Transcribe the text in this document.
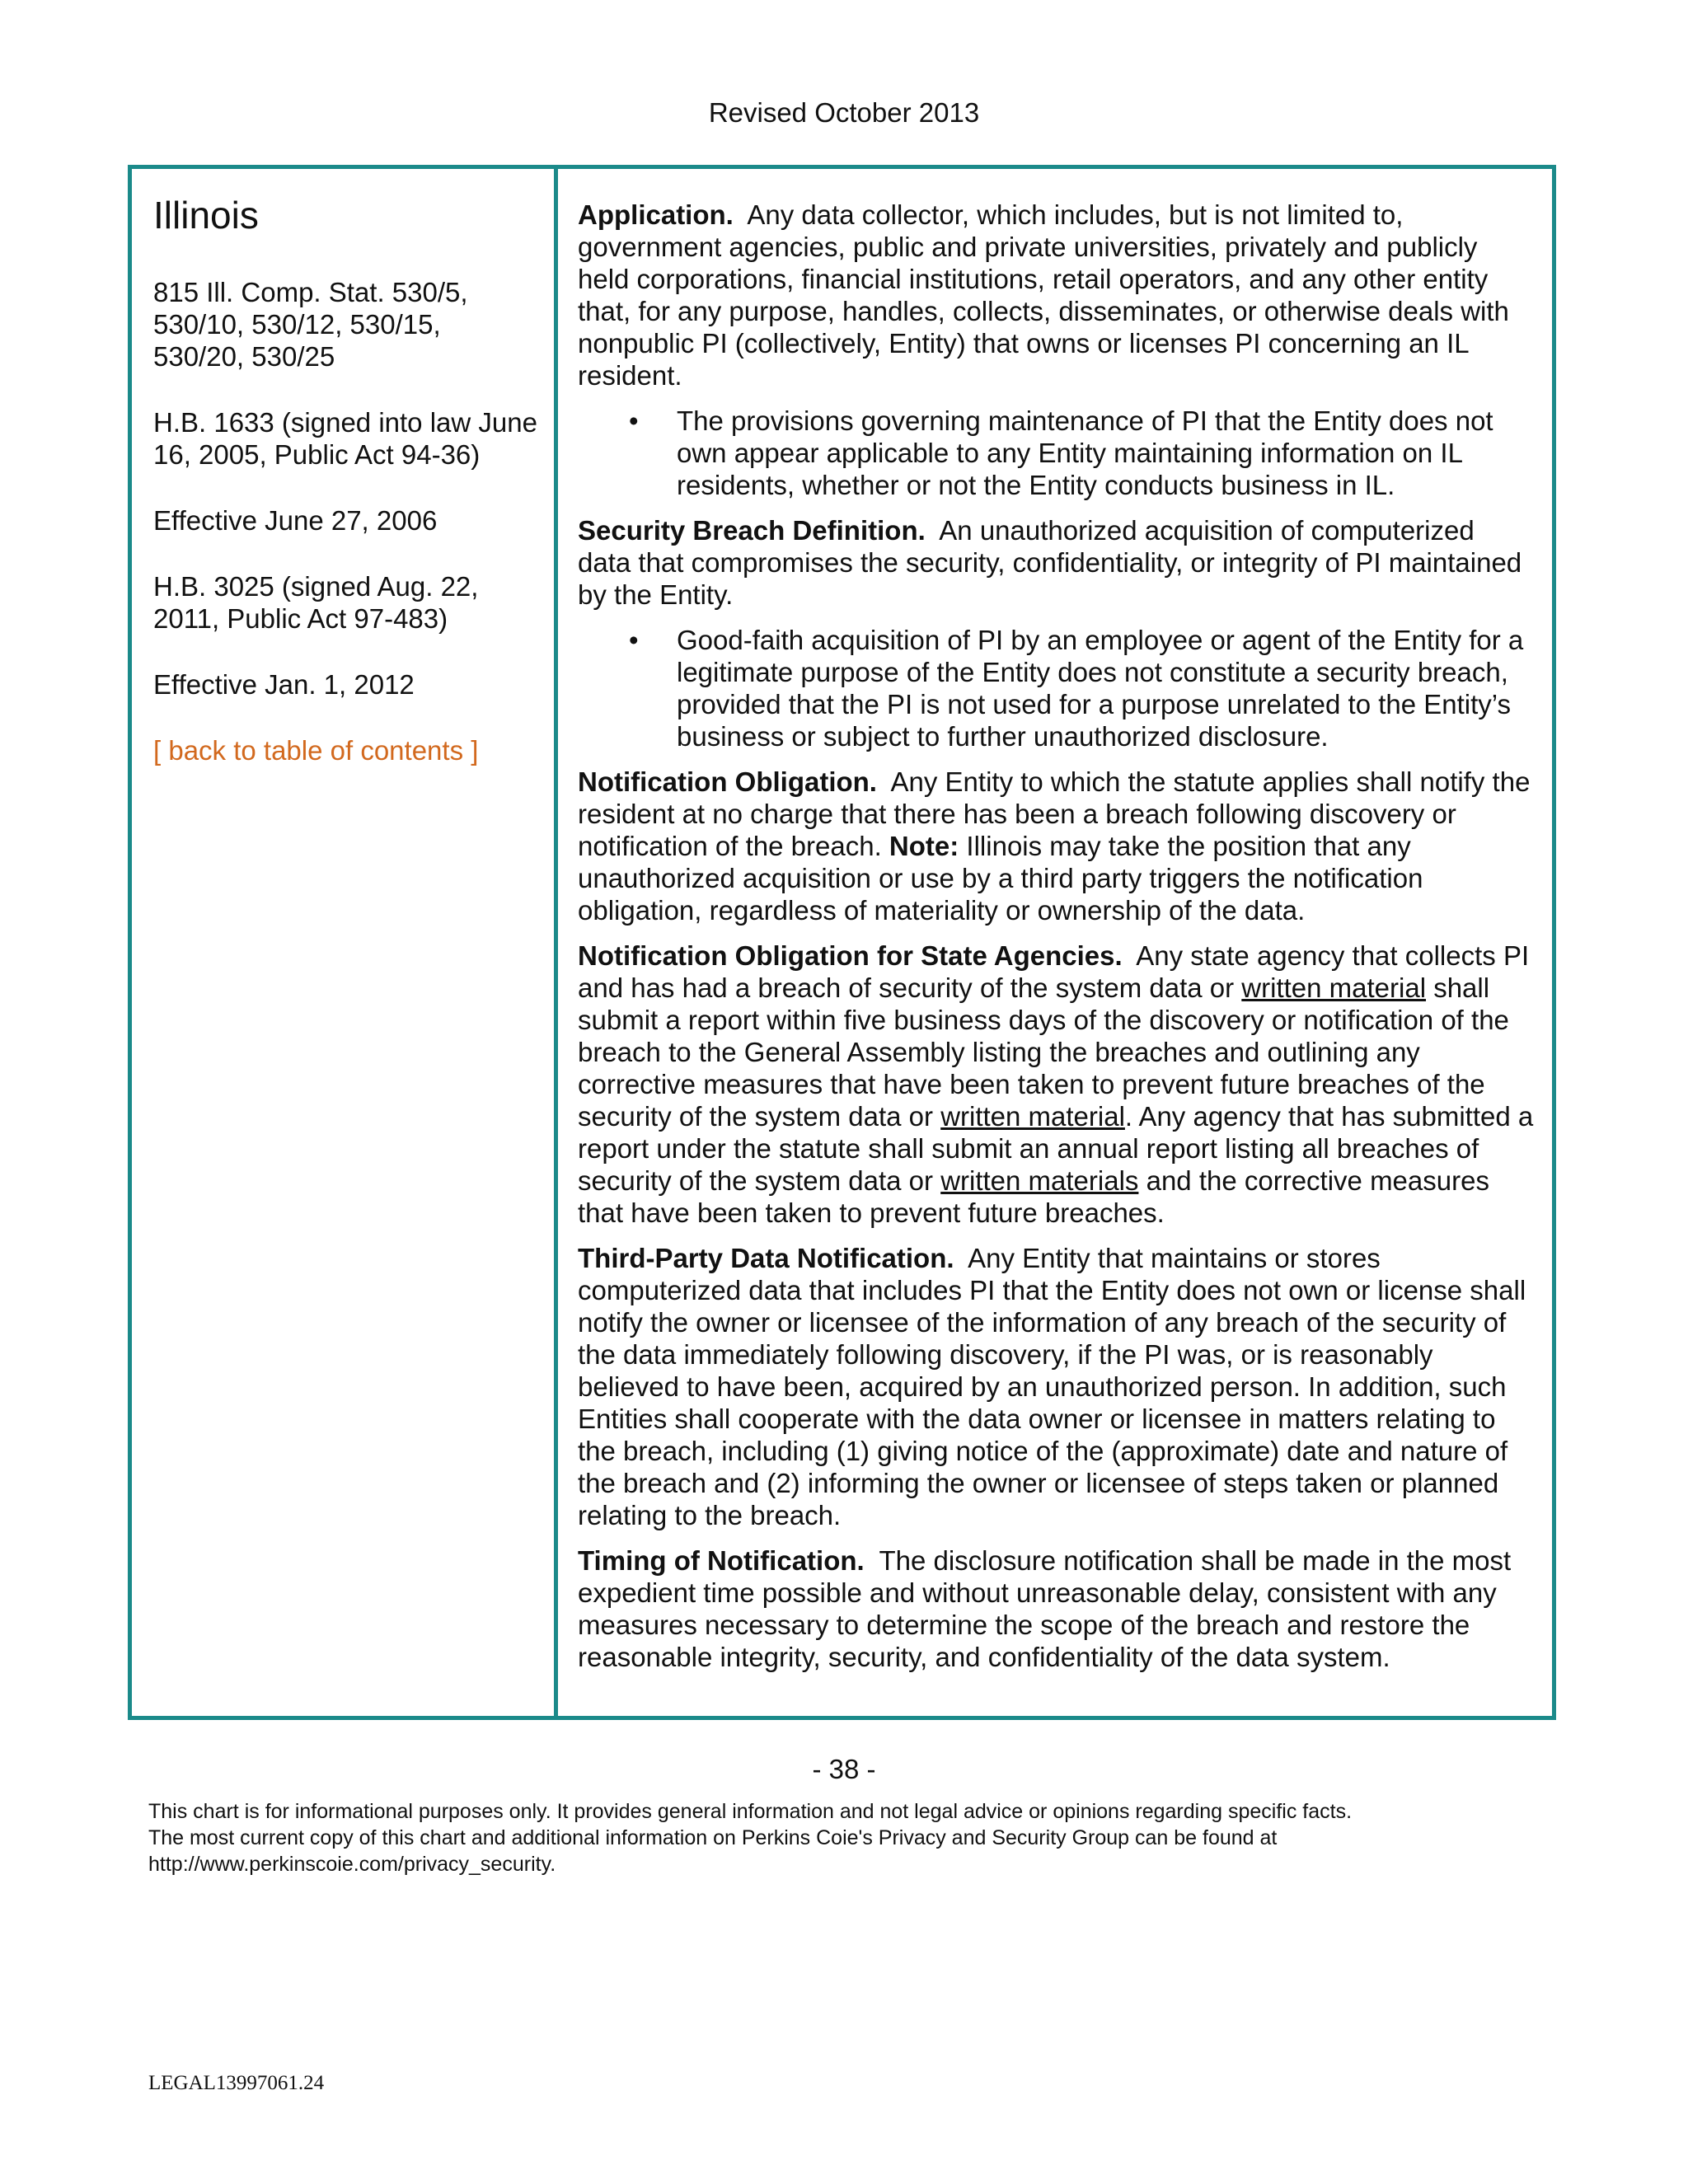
Revised October 2013
Illinois
815 Ill. Comp. Stat. 530/5, 530/10, 530/12, 530/15, 530/20, 530/25
H.B. 1633 (signed into law June 16, 2005, Public Act 94-36)
Effective June 27, 2006
H.B. 3025 (signed Aug. 22, 2011, Public Act 97-483)
Effective Jan. 1, 2012
[ back to table of contents ]

Application. Any data collector, which includes, but is not limited to, government agencies, public and private universities, privately and publicly held corporations, financial institutions, retail operators, and any other entity that, for any purpose, handles, collects, disseminates, or otherwise deals with nonpublic PI (collectively, Entity) that owns or licenses PI concerning an IL resident.

• The provisions governing maintenance of PI that the Entity does not own appear applicable to any Entity maintaining information on IL residents, whether or not the Entity conducts business in IL.

Security Breach Definition. An unauthorized acquisition of computerized data that compromises the security, confidentiality, or integrity of PI maintained by the Entity.

• Good-faith acquisition of PI by an employee or agent of the Entity for a legitimate purpose of the Entity does not constitute a security breach, provided that the PI is not used for a purpose unrelated to the Entity’s business or subject to further unauthorized disclosure.

Notification Obligation. Any Entity to which the statute applies shall notify the resident at no charge that there has been a breach following discovery or notification of the breach. Note: Illinois may take the position that any unauthorized acquisition or use by a third party triggers the notification obligation, regardless of materiality or ownership of the data.

Notification Obligation for State Agencies. Any state agency that collects PI and has had a breach of security of the system data or written material shall submit a report within five business days of the discovery or notification of the breach to the General Assembly listing the breaches and outlining any corrective measures that have been taken to prevent future breaches of the security of the system data or written material. Any agency that has submitted a report under the statute shall submit an annual report listing all breaches of security of the system data or written materials and the corrective measures that have been taken to prevent future breaches.

Third-Party Data Notification. Any Entity that maintains or stores computerized data that includes PI that the Entity does not own or license shall notify the owner or licensee of the information of any breach of the security of the data immediately following discovery, if the PI was, or is reasonably believed to have been, acquired by an unauthorized person. In addition, such Entities shall cooperate with the data owner or licensee in matters relating to the breach, including (1) giving notice of the (approximate) date and nature of the breach and (2) informing the owner or licensee of steps taken or planned relating to the breach.

Timing of Notification. The disclosure notification shall be made in the most expedient time possible and without unreasonable delay, consistent with any measures necessary to determine the scope of the breach and restore the reasonable integrity, security, and confidentiality of the data system.

- 38 -
This chart is for informational purposes only. It provides general information and not legal advice or opinions regarding specific facts.
The most current copy of this chart and additional information on Perkins Coie's Privacy and Security Group can be found at
http://www.perkinscoie.com/privacy_security.
LEGAL13997061.24
